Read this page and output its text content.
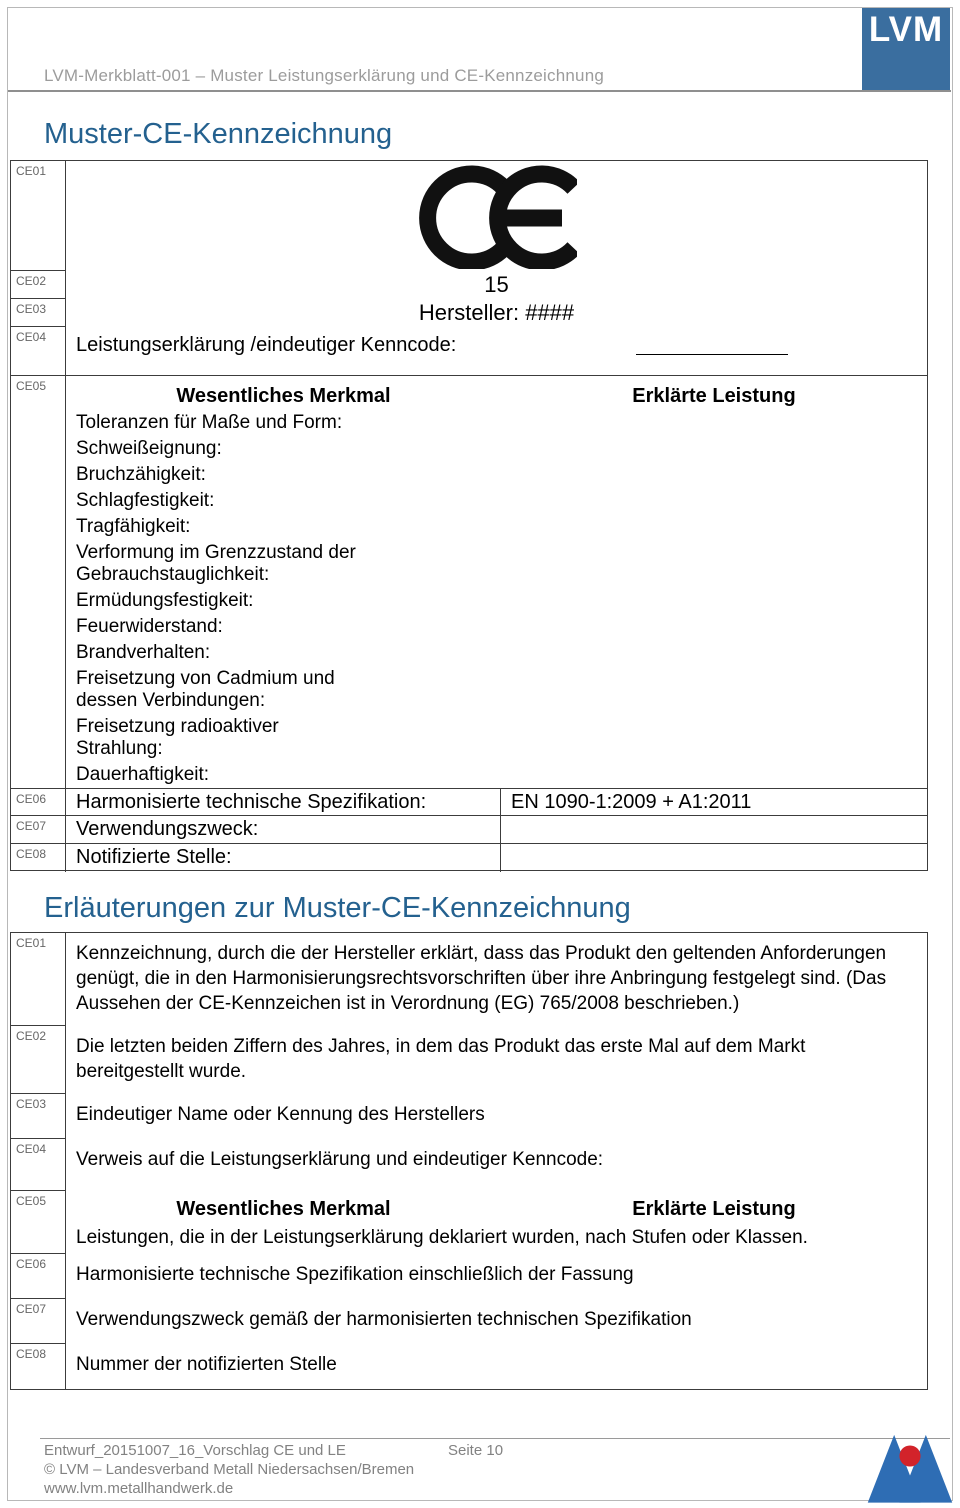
LVM-Merkblatt-001 – Muster Leistungserklärung und CE-Kennzeichnung
LVM
Muster-CE-Kennzeichnung
CE01
CE02	15
CE03	Hersteller: ####
CE04	Leistungserklärung /eindeutiger Kenncode:
CE05	Wesentliches Merkmal	Erklärte Leistung
Toleranzen für Maße und Form:
Schweißeignung:
Bruchzähigkeit:
Schlagfestigkeit:
Tragfähigkeit:
Verformung im Grenzzustand der Gebrauchstauglichkeit:
Ermüdungsfestigkeit:
Feuerwiderstand:
Brandverhalten:
Freisetzung von Cadmium und dessen Verbindungen:
Freisetzung radioaktiver Strahlung:
Dauerhaftigkeit:
CE06	Harmonisierte technische Spezifikation:	EN 1090-1:2009 + A1:2011
CE07	Verwendungszweck:
CE08	Notifizierte Stelle:
Erläuterungen zur Muster-CE-Kennzeichnung
CE01	Kennzeichnung, durch die der Hersteller erklärt, dass das Produkt den geltenden Anforderungen genügt, die in den Harmonisierungsrechtsvorschriften über ihre Anbringung festgelegt sind. (Das Aussehen der CE-Kennzeichen ist in Verordnung (EG) 765/2008 beschrieben.)
CE02	Die letzten beiden Ziffern des Jahres, in dem das Produkt das erste Mal auf dem Markt bereitgestellt wurde.
CE03	Eindeutiger Name oder Kennung des Herstellers
CE04	Verweis auf die Leistungserklärung und eindeutiger Kenncode:
CE05	Wesentliches Merkmal	Erklärte Leistung
Leistungen, die in der Leistungserklärung deklariert wurden, nach Stufen oder Klassen.
CE06	Harmonisierte technische Spezifikation einschließlich der Fassung
CE07	Verwendungszweck gemäß der harmonisierten technischen Spezifikation
CE08	Nummer der notifizierten Stelle
Entwurf_20151007_16_Vorschlag CE und LE	Seite 10
© LVM – Landesverband Metall Niedersachsen/Bremen
www.lvm.metallhandwerk.de
